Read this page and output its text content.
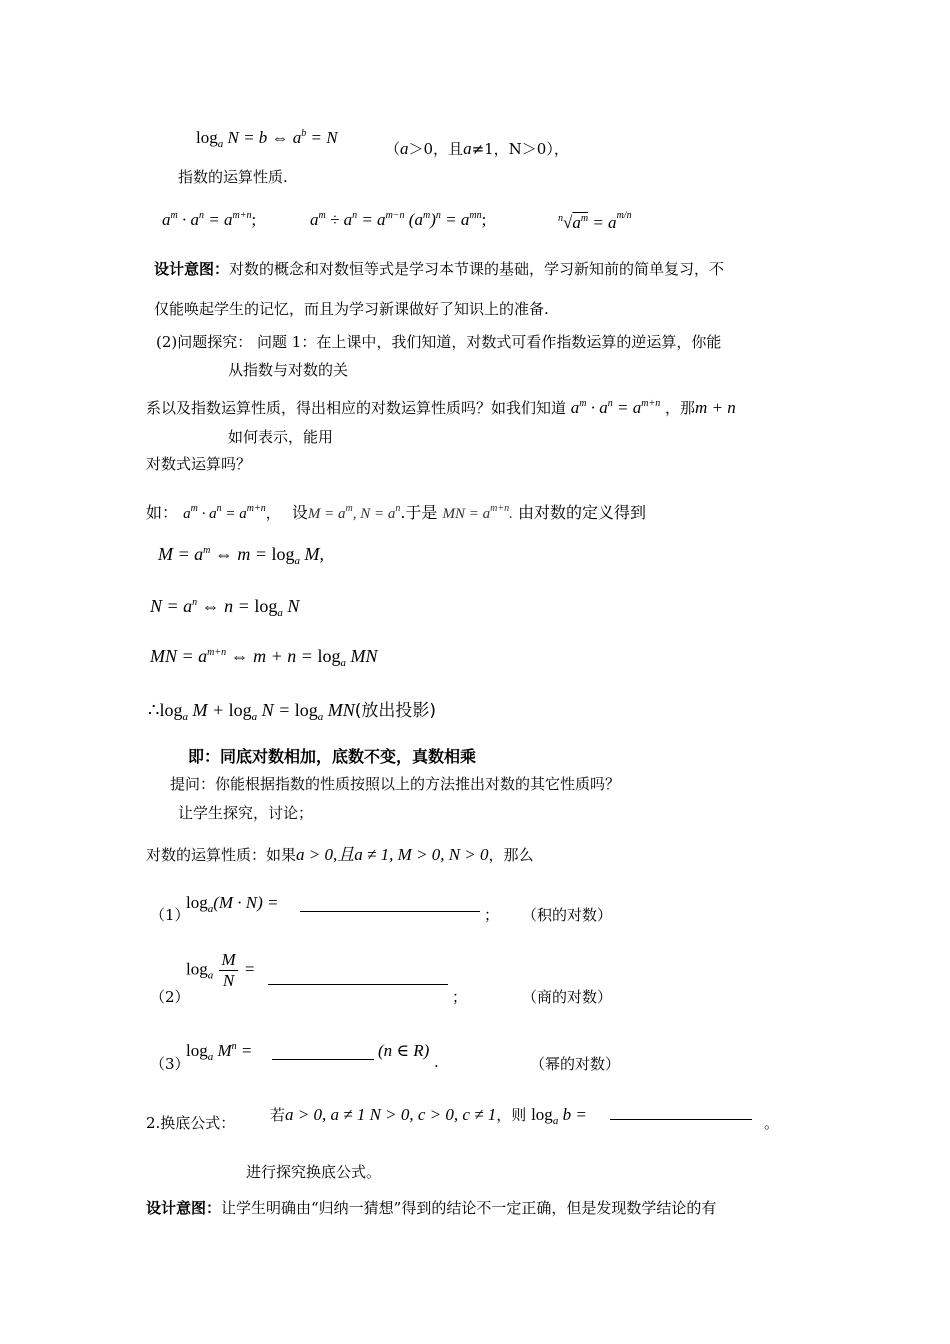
$\log_a N = b$ ⇔ $a^b = N$
（a＞0，且a≠1，N＞0），
指数的运算性质.
$a^m \cdot a^n = a^{m+n}$;	$a^m \div a^n = a^{m-n}$ $(a^m)^n = a^{mn}$;	$^n√a^m = a^{m/n}$
设计意图：对数的概念和对数恒等式是学习本节课的基础，学习新知前的简单复习，不
仅能唤起学生的记忆，而且为学习新课做好了知识上的准备.
(2)问题探究： 问题 1：在上课中，我们知道，对数式可看作指数运算的逆运算，你能
从指数与对数的关
系以及指数运算性质，得出相应的对数运算性质吗？如我们知道 $a^m \cdot a^n = a^{m+n}$ ，那m + n
如何表示，能用
对数式运算吗？
如： $a^m \cdot a^n = a^{m+n}$， 设$M = a^m$, $N = a^n$.于是 MN = $a^{m+n}$. 由对数的定义得到
$M = a^m$ ⇔ $m = \log_a M$,
$N = a^n$ ⇔ $n = \log_a N$
MN = $a^{m+n}$ ⇔ $m + n = \log_a$ MN
$\therefore\log_a$ $M + \log_a N = \log_a MN$(放出投影)
即：同底对数相加，底数不变，真数相乘
提问：你能根据指数的性质按照以上的方法推出对数的其它性质吗？
让学生探究，讨论；
对数的运算性质：如果a > 0,且a ≠ 1, M > 0, N > 0，那么
（1）
$\log_a(M \cdot N)$ =
； （积的对数）
（2）
$\log_a \frac{M}{N}$ =
；	（商的对数）
（3）
$\log_a M^n$ =	(n ∈ R)
.	（幂的对数）
2.换底公式： 若a > 0, a ≠ 1 N > 0, c > 0, c ≠ 1，则 $\log_a b$ =	。
进行探究换底公式。
设计意图：让学生明确由“归纳一猜想”得到的结论不一定正确，但是发现数学结论的有
